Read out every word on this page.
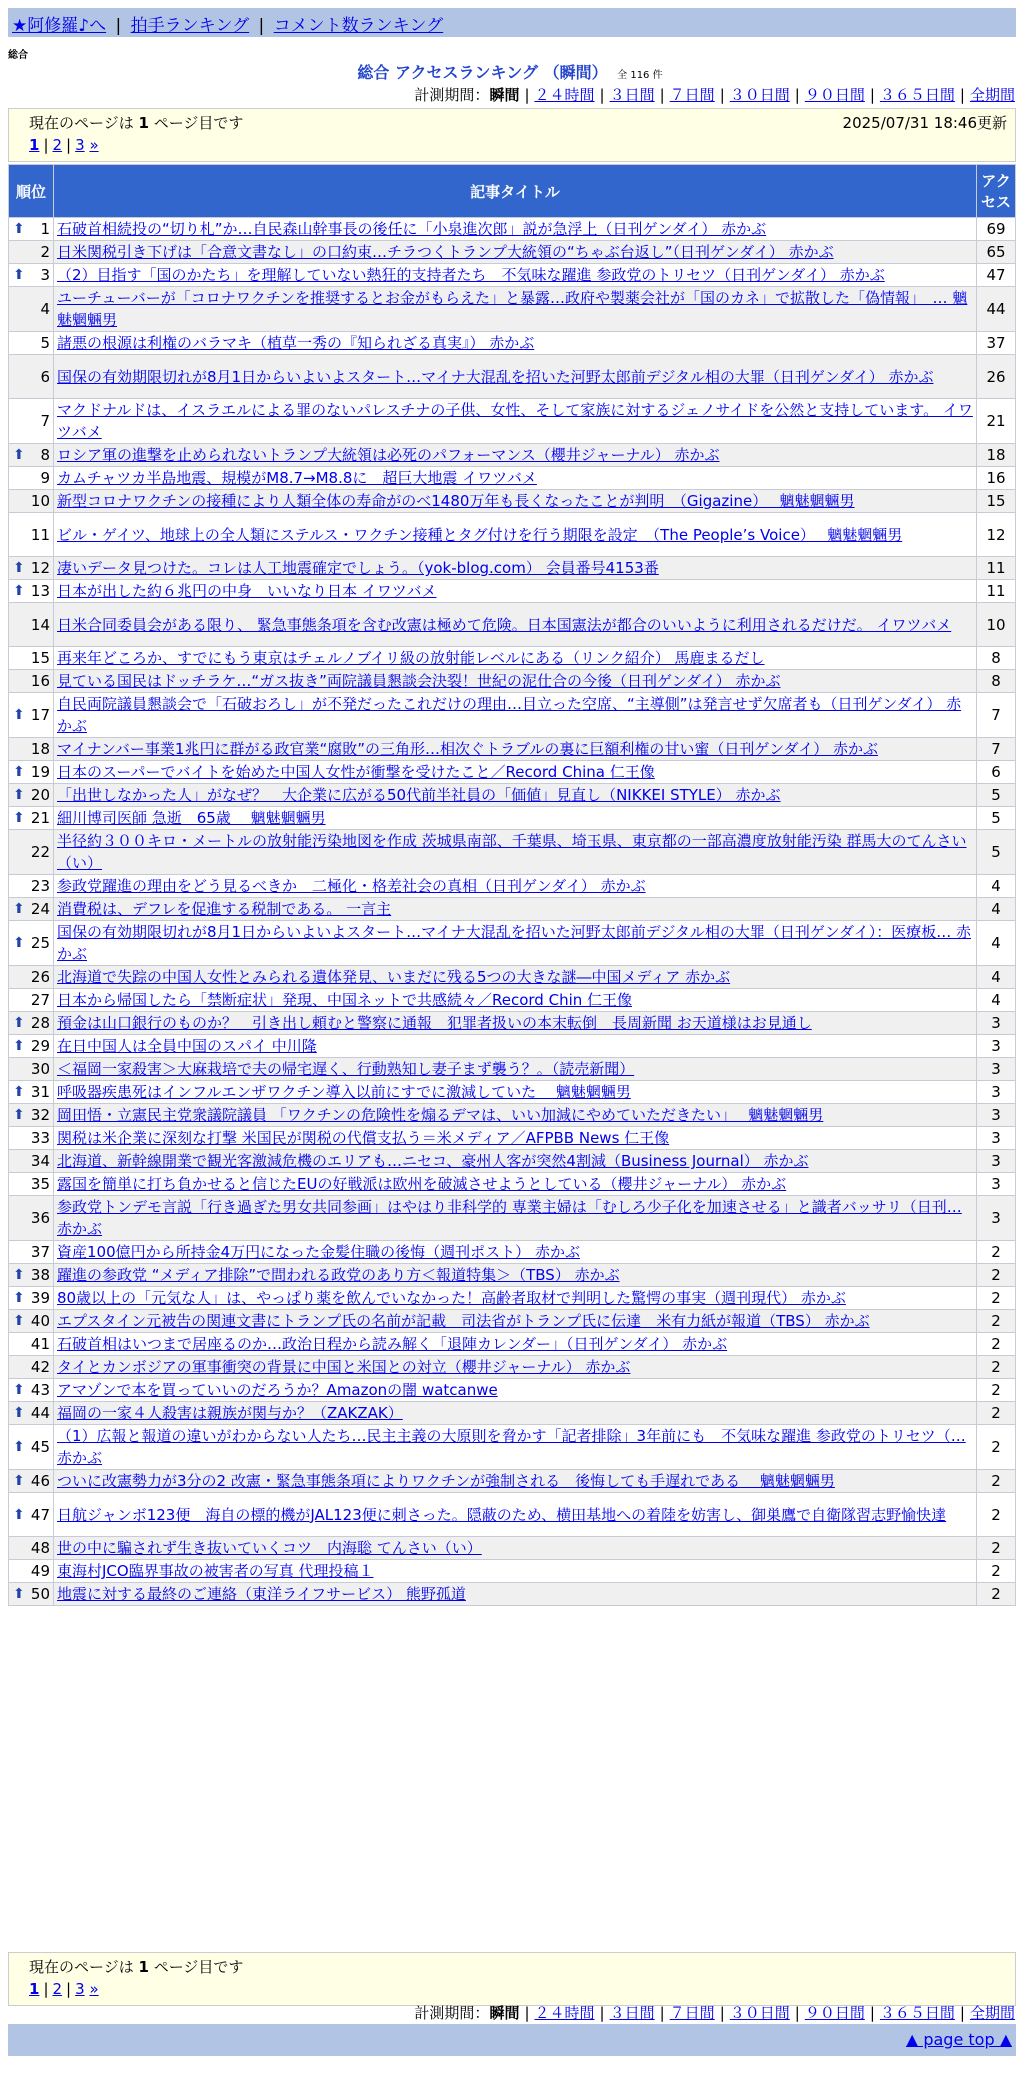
★阿修羅♪へ | 拍手ランキング | コメント数ランキング
総合
総合 アクセスランキング （瞬間） 全 116 件
計測期間：瞬間 | ２４時間 | ３日間 | ７日間 | ３０日間 | ９０日間 | ３６５日間 | 全期間
現在のページは 1 ページ目です	2025/07/31 18:46更新
1 | 2 | 3 »
順位	記事タイトル	アクセス

⬆ 1	石破首相続投の“切り札”か…自民森山幹事長の後任に「小泉進次郎」説が急浮上（日刊ゲンダイ） 赤かぶ	69
2	日米関税引き下げは「合意文書なし」の口約束…チラつくトランプ大統領の“ちゃぶ台返し”（日刊ゲンダイ） 赤かぶ	65

⬆ 3	（2）目指す「国のかたち」を理解していない熱狂的支持者たち　不気味な躍進 参政党のトリセツ（日刊ゲンダイ） 赤かぶ	47
4	ユーチューバーが「コロナワクチンを推奨するとお金がもらえた」と暴露…政府や製薬会社が「国のカネ」で拡散した「偽情報」　… 魑魅魍魎男	44
5	諸悪の根源は利権のバラマキ（植草一秀の『知られざる真実』） 赤かぶ	37
6	国保の有効期限切れが8月1日からいよいよスタート…マイナ大混乱を招いた河野太郎前デジタル相の大罪（日刊ゲンダイ） 赤かぶ	26
7	マクドナルドは、イスラエルによる罪のないパレスチナの子供、女性、そして家族に対するジェノサイドを公然と支持しています。 イワツバメ	21

⬆ 8	ロシア軍の進撃を止められないトランプ大統領は必死のパフォーマンス（櫻井ジャーナル） 赤かぶ	18
9	カムチャツカ半島地震、規模がM8.7→M8.8に　超巨大地震 イワツバメ	16
10	新型コロナワクチンの接種により人類全体の寿命がのべ1480万年も長くなったことが判明　（Gigazine）　 魑魅魍魎男	15
11	ビル・ゲイツ、地球上の全人類にステルス・ワクチン接種とタグ付けを行う期限を設定　（The People’s Voice）　 魑魅魍魎男	12

⬆ 12	凄いデータ見つけた。コレは人工地震確定でしょう。（yok-blog.com） 会員番号4153番	11

⬆ 13	日本が出した約６兆円の中身　いいなり日本 イワツバメ	11
14	日米合同委員会がある限り、 緊急事態条項を含む改憲は極めて危険。日本国憲法が都合のいいように利用されるだけだ。 イワツバメ	10
15	再来年どころか、すでにもう東京はチェルノブイリ級の放射能レベルにある（リンク紹介） 馬鹿まるだし	8
16	見ている国民はドッチラケ…“ガス抜き”両院議員懇談会決裂！世紀の泥仕合の今後（日刊ゲンダイ） 赤かぶ	8

⬆ 17	自民両院議員懇談会で「石破おろし」が不発だったこれだけの理由…目立った空席、“主導側”は発言せず欠席者も（日刊ゲンダイ） 赤かぶ	7
18	マイナンバー事業1兆円に群がる政官業“腐敗”の三角形…相次ぐトラブルの裏に巨額利権の甘い蜜（日刊ゲンダイ） 赤かぶ	7

⬆ 19	日本のスーパーでバイトを始めた中国人女性が衝撃を受けたこと／Record China 仁王像	6

⬆ 20	「出世しなかった人」がなぜ？　大企業に広がる50代前半社員の「価値」見直し（NIKKEI STYLE） 赤かぶ	5

⬆ 21	細川博司医師 急逝　65歳　 魑魅魍魎男	5
22	半径約３００キロ・メートルの放射能汚染地図を作成 茨城県南部、千葉県、埼玉県、東京都の一部高濃度放射能汚染 群馬大のてんさい（い）	5
23	参政党躍進の理由をどう見るべきか　二極化・格差社会の真相（日刊ゲンダイ） 赤かぶ	4

⬆ 24	消費税は、デフレを促進する税制である。 一言主	4

⬆ 25	国保の有効期限切れが8月1日からいよいよスタート…マイナ大混乱を招いた河野太郎前デジタル相の大罪（日刊ゲンダイ）：医療板… 赤かぶ	4
26	北海道で失踪の中国人女性とみられる遺体発見、いまだに残る5つの大きな謎―中国メディア 赤かぶ	4
27	日本から帰国したら「禁断症状」発現、中国ネットで共感続々／Record Chin 仁王像	4

⬆ 28	預金は山口銀行のものか？　引き出し頼むと警察に通報　犯罪者扱いの本末転倒　長周新聞 お天道様はお見通し	3

⬆ 29	在日中国人は全員中国のスパイ 中川隆	3
30	＜福岡一家殺害＞大麻栽培で夫の帰宅遅く、行動熟知し妻子まず襲う？。（読売新聞）	3

⬆ 31	呼吸器疾患死はインフルエンザワクチン導入以前にすでに激減していた　 魑魅魍魎男	3

⬆ 32	岡田悟・立憲民主党衆議院議員 「ワクチンの危険性を煽るデマは、いい加減にやめていただきたい」　 魑魅魍魎男	3
33	関税は米企業に深刻な打撃 米国民が関税の代償支払う＝米メディア／AFPBB News 仁王像	3
34	北海道、新幹線開業で観光客激減危機のエリアも…ニセコ、豪州人客が突然4割減（Business Journal） 赤かぶ	3
35	露国を簡単に打ち負かせると信じたEUの好戦派は欧州を破滅させようとしている（櫻井ジャーナル） 赤かぶ	3
36	参政党トンデモ言説「行き過ぎた男女共同参画」はやはり非科学的 専業主婦は「むしろ少子化を加速させる」と識者バッサリ（日刊… 赤かぶ	3
37	資産100億円から所持金4万円になった金髪住職の後悔（週刊ポスト） 赤かぶ	2

⬆ 38	躍進の参政党 “メディア排除”で問われる政党のあり方＜報道特集＞（TBS） 赤かぶ	2

⬆ 39	80歳以上の「元気な人」は、やっぱり薬を飲んでいなかった！高齢者取材で判明した驚愕の事実（週刊現代） 赤かぶ	2

⬆ 40	エプスタイン元被告の関連文書にトランプ氏の名前が記載　司法省がトランプ氏に伝達　米有力紙が報道（TBS） 赤かぶ	2
41	石破首相はいつまで居座るのか…政治日程から読み解く「退陣カレンダー」（日刊ゲンダイ） 赤かぶ	2
42	タイとカンボジアの軍事衝突の背景に中国と米国との対立（櫻井ジャーナル） 赤かぶ	2

⬆ 43	アマゾンで本を買っていいのだろうか？Amazonの闇 watcanwe	2

⬆ 44	福岡の一家４人殺害は親族が関与か？（ZAKZAK）	2

⬆ 45	（1）広報と報道の違いがわからない人たち…民主主義の大原則を脅かす「記者排除」3年前にも　不気味な躍進 参政党のトリセツ（… 赤かぶ	2

⬆ 46	ついに改憲勢力が3分の2 改憲・緊急事態条項によりワクチンが強制される　後悔しても手遅れである　 魑魅魍魎男	2

⬆ 47	日航ジャンボ123便　海自の標的機がJAL123便に刺さった。隠蔽のため、横田基地への着陸を妨害し、御巣鷹で自衛隊習志野愉快達	2
48	世の中に騙されず生き抜いていくコツ　内海聡 てんさい（い）	2
49	東海村JCO臨界事故の被害者の写真 代理投稿１	2

⬆ 50	地震に対する最終のご連絡（東洋ライフサービス） 熊野孤道	2
現在のページは 1 ページ目です
1 | 2 | 3 »
計測期間：瞬間 | ２４時間 | ３日間 | ７日間 | ３０日間 | ９０日間 | ３６５日間 | 全期間
▲ page top ▲
